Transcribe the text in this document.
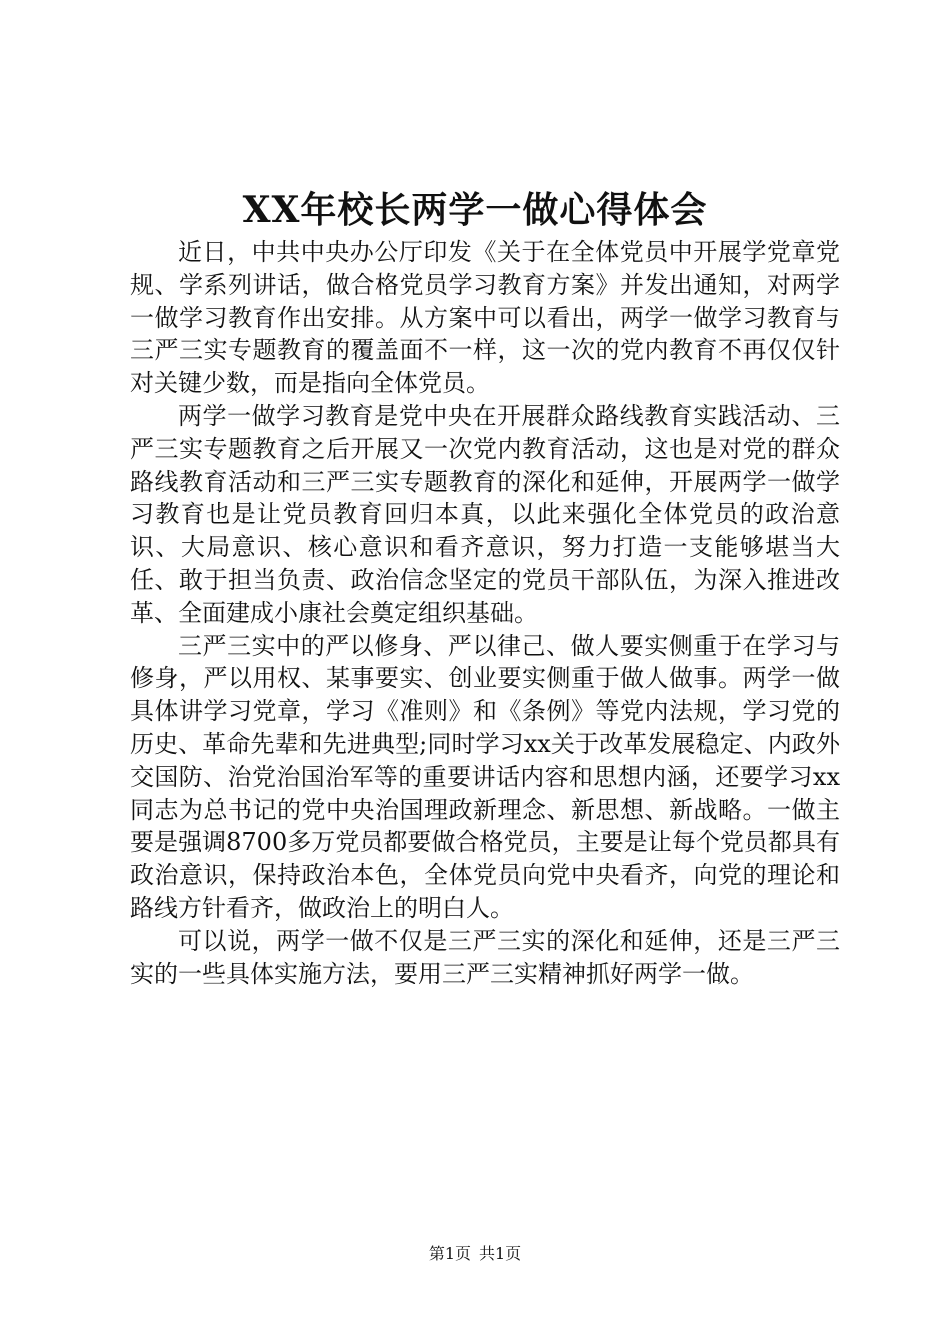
XX年校长两学一做心得体会

近日，中共中央办公厅印发《关于在全体党员中开展学党章党规、学系列讲话，做合格党员学习教育方案》并发出通知，对两学一做学习教育作出安排。从方案中可以看出，两学一做学习教育与三严三实专题教育的覆盖面不一样，这一次的党内教育不再仅仅针对关键少数，而是指向全体党员。

两学一做学习教育是党中央在开展群众路线教育实践活动、三严三实专题教育之后开展又一次党内教育活动，这也是对党的群众路线教育活动和三严三实专题教育的深化和延伸，开展两学一做学习教育也是让党员教育回归本真，以此来强化全体党员的政治意识、大局意识、核心意识和看齐意识，努力打造一支能够堪当大任、敢于担当负责、政治信念坚定的党员干部队伍，为深入推进改革、全面建成小康社会奠定组织基础。

三严三实中的严以修身、严以律己、做人要实侧重于在学习与修身，严以用权、某事要实、创业要实侧重于做人做事。两学一做具体讲学习党章，学习《准则》和《条例》等党内法规，学习党的历史、革命先辈和先进典型;同时学习xx关于改革发展稳定、内政外交国防、治党治国治军等的重要讲话内容和思想内涵，还要学习xx同志为总书记的党中央治国理政新理念、新思想、新战略。一做主要是强调8700多万党员都要做合格党员，主要是让每个党员都具有政治意识，保持政治本色，全体党员向党中央看齐，向党的理论和路线方针看齐，做政治上的明白人。

可以说，两学一做不仅是三严三实的深化和延伸，还是三严三实的一些具体实施方法，要用三严三实精神抓好两学一做。

第1页 共1页
